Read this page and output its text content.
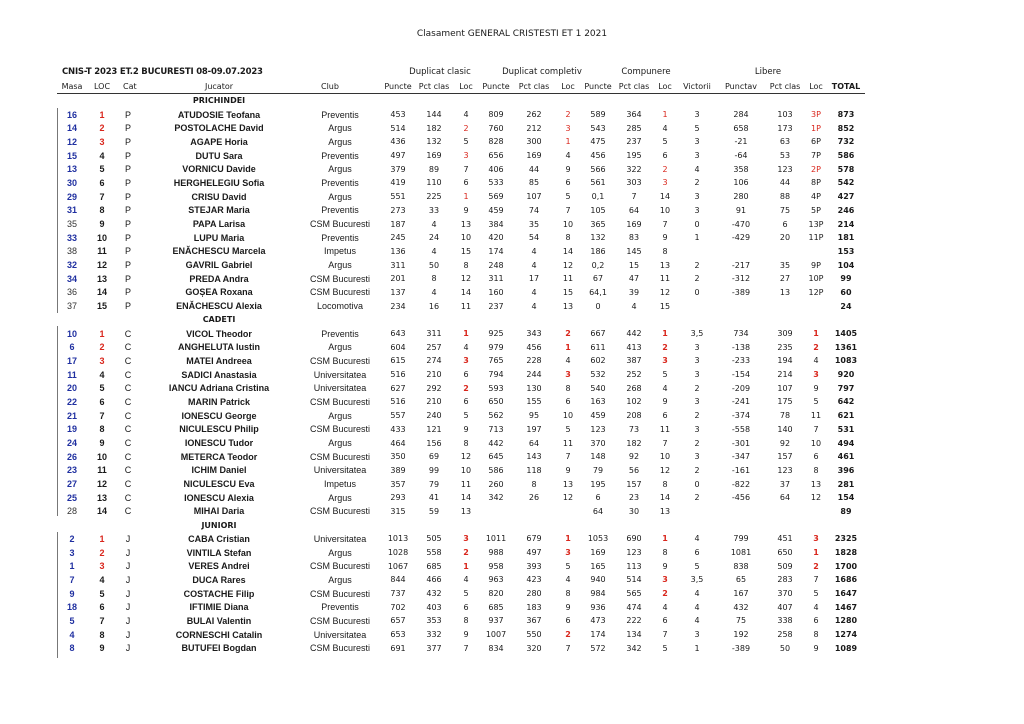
Clasament GENERAL CRISTESTI ET 1 2021
CNIS-T 2023 ET.2 BUCURESTI 08-09.07.2023	Duplicat clasic	Duplicat completiv	Compunere	Libere
Masa	LOC	Cat	Jucator	Club	Puncte	Pct clas	Loc	Puncte	Pct clas	Loc	Puncte	Pct clas	Loc	Victorii	Punctav	Pct clas	Loc	TOTAL
			PRICHINDEI															
16	1	P	ATUDOSIE Teofana	Preventis	453	144	4	809	262	2	589	364	1	3	284	103	3P	873
14	2	P	POSTOLACHE David	Argus	514	182	2	760	212	3	543	285	4	5	658	173	1P	852
12	3	P	AGAPE Horia	Argus	436	132	5	828	300	1	475	237	5	3	-21	63	6P	732
15	4	P	DUTU Sara	Preventis	497	169	3	656	169	4	456	195	6	3	-64	53	7P	586
13	5	P	VORNICU Davide	Argus	379	89	7	406	44	9	566	322	2	4	358	123	2P	578
30	6	P	HERGHELEGIU Sofia	Preventis	419	110	6	533	85	6	561	303	3	2	106	44	8P	542
29	7	P	CRISU David	Argus	551	225	1	569	107	5	0,1	7	14	3	280	88	4P	427
31	8	P	STEJAR Maria	Preventis	273	33	9	459	74	7	105	64	10	3	91	75	5P	246
35	9	P	PAPA Larisa	CSM Bucuresti	187	4	13	384	35	10	365	169	7	0	-470	6	13P	214
33	10	P	LUPU Maria	Preventis	245	24	10	420	54	8	132	83	9	1	-429	20	11P	181
38	11	P	ENĂCHESCU Marcela	Impetus	136	4	15	174	4	14	186	145	8					153
32	12	P	GAVRIL Gabriel	Argus	311	50	8	248	4	12	0,2	15	13	2	-217	35	9P	104
34	13	P	PREDA Andra	CSM Bucuresti	201	8	12	311	17	11	67	47	11	2	-312	27	10P	99
36	14	P	GOȘEA Roxana	CSM Bucuresti	137	4	14	160	4	15	64,1	39	12	0	-389	13	12P	60
37	15	P	ENĂCHESCU Alexia	Locomotiva	234	16	11	237	4	13	0	4	15					24
			CADETI															
10	1	C	VICOL Theodor	Preventis	643	311	1	925	343	2	667	442	1	3,5	734	309	1	1405
6	2	C	ANGHELUTA Iustin	Argus	604	257	4	979	456	1	611	413	2	3	-138	235	2	1361
17	3	C	MATEI Andreea	CSM Bucuresti	615	274	3	765	228	4	602	387	3	3	-233	194	4	1083
11	4	C	SADICI Anastasia	Universitatea	516	210	6	794	244	3	532	252	5	3	-154	214	3	920
20	5	C	IANCU Adriana Cristina	Universitatea	627	292	2	593	130	8	540	268	4	2	-209	107	9	797
22	6	C	MARIN Patrick	CSM Bucuresti	516	210	6	650	155	6	163	102	9	3	-241	175	5	642
21	7	C	IONESCU George	Argus	557	240	5	562	95	10	459	208	6	2	-374	78	11	621
19	8	C	NICULESCU Philip	CSM Bucuresti	433	121	9	713	197	5	123	73	11	3	-558	140	7	531
24	9	C	IONESCU Tudor	Argus	464	156	8	442	64	11	370	182	7	2	-301	92	10	494
26	10	C	METERCA Teodor	CSM Bucuresti	350	69	12	645	143	7	148	92	10	3	-347	157	6	461
23	11	C	ICHIM Daniel	Universitatea	389	99	10	586	118	9	79	56	12	2	-161	123	8	396
27	12	C	NICULESCU Eva	Impetus	357	79	11	260	8	13	195	157	8	0	-822	37	13	281
25	13	C	IONESCU Alexia	Argus	293	41	14	342	26	12	6	23	14	2	-456	64	12	154
28	14	C	MIHAI Daria	CSM Bucuresti	315	59	13				64	30	13					89
			JUNIORI															
2	1	J	CABA Cristian	Universitatea	1013	505	3	1011	679	1	1053	690	1	4	799	451	3	2325
3	2	J	VINTILA Stefan	Argus	1028	558	2	988	497	3	169	123	8	6	1081	650	1	1828
1	3	J	VERES Andrei	CSM Bucuresti	1067	685	1	958	393	5	165	113	9	5	838	509	2	1700
7	4	J	DUCA Rares	Argus	844	466	4	963	423	4	940	514	3	3,5	65	283	7	1686
9	5	J	COSTACHE Filip	CSM Bucuresti	737	432	5	820	280	8	984	565	2	4	167	370	5	1647
18	6	J	IFTIMIE Diana	Preventis	702	403	6	685	183	9	936	474	4	4	432	407	4	1467
5	7	J	BULAI Valentin	CSM Bucuresti	657	353	8	937	367	6	473	222	6	4	75	338	6	1280
4	8	J	CORNESCHI Catalin	Universitatea	653	332	9	1007	550	2	174	134	7	3	192	258	8	1274
8	9	J	BUTUFEI Bogdan	CSM Bucuresti	691	377	7	834	320	7	572	342	5	1	-389	50	9	1089
